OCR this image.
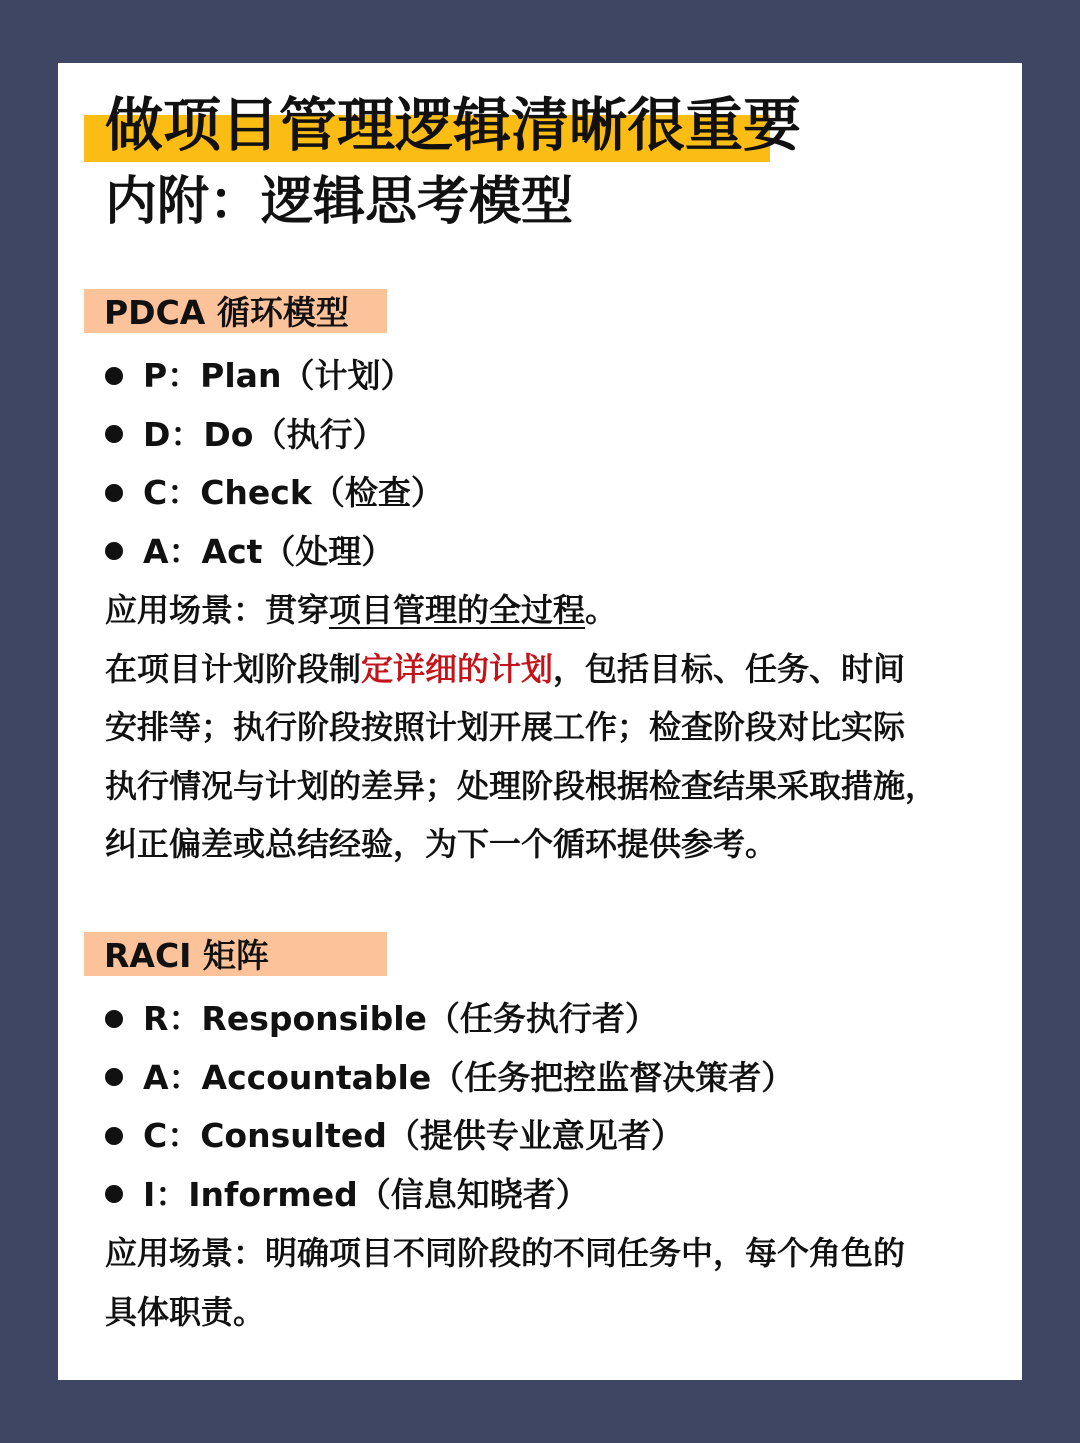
做项目管理逻辑清晰很重要
内附：逻辑思考模型
PDCA 循环模型
P：Plan（计划）
D：Do（执行）
C：Check（检查）
A：Act（处理）
应用场景：贯穿项目管理的全过程。
在项目计划阶段制定详细的计划，包括目标、任务、时间
安排等；执行阶段按照计划开展工作；检查阶段对比实际
执行情况与计划的差异；处理阶段根据检查结果采取措施，
纠正偏差或总结经验，为下一个循环提供参考。
RACI 矩阵
R：Responsible（任务执行者）
A：Accountable（任务把控监督决策者）
C：Consulted（提供专业意见者）
I：Informed（信息知晓者）
应用场景：明确项目不同阶段的不同任务中，每个角色的
具体职责。
